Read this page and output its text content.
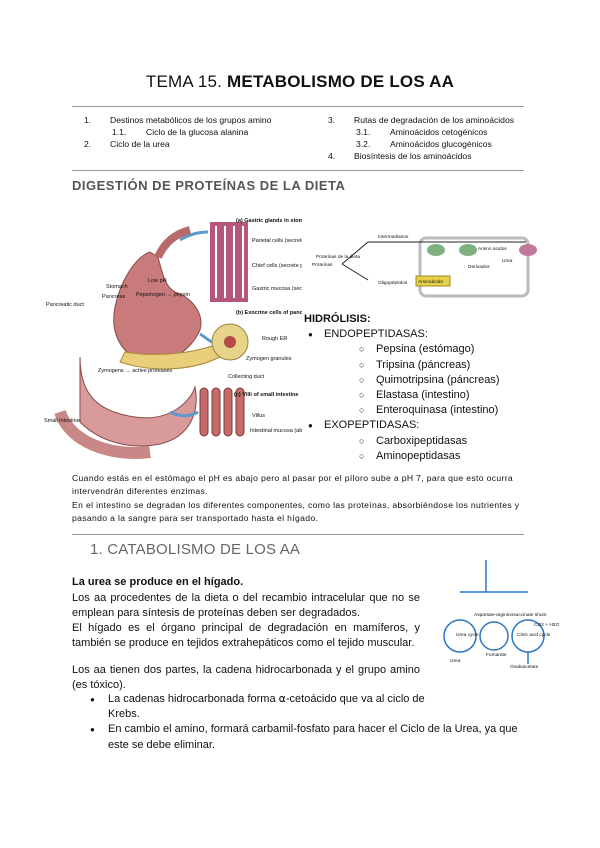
TEMA 15. METABOLISMO DE LOS AA
1.	Destinos metabólicos de los grupos amino
1.1.	Ciclo de la glucosa alanina
2.	Ciclo de la urea
3.	Rutas de degradación de los aminoácidos
3.1.	Aminoácidos cetogénicos
3.2.	Aminoácidos glucogénicos
4.	Biosíntesis de los aminoácidos
DIGESTIÓN DE PROTEÍNAS DE LA DIETA
(a) Gastric glands in stom
Parietal cells (secret
Chief cells (secrete
Gastric mucosa (sec
Low pH
Pepsinogen → pepsin
Stomach
Pancreas
Pancreatic duct
(b) Exocrine cells of panc
Rough ER
Zymogen granules
Collecting duct
Zymogens → active proteases
(c) Villi of small intestine
Villus
Intestinal mucosa (ab
Small intestine
Proteínas de la dieta
Proteínas
Intermediarios
Amino ácidos
Oligopéptidos Aminoácido
Derivados
Urea
HIDRÓLISIS:
● ENDOPEPTIDASAS:
○ Pepsina (estómago)
○ Tripsina (páncreas)
○ Quimotripsina (páncreas)
○ Elastasa (intestino)
○ Enteroquinasa (intestino)
● EXOPEPTIDASAS:
○ Carboxipeptidasas
○ Aminopeptidasas
Cuando estás en el estómago el pH es abajo pero al pasar por el píloro sube a pH 7, para que esto ocurra intervendrán diferentes enzimas.
En el intestino se degradan los diferentes componentes, como las proteínas, absorbiéndose los nutrientes y pasando a la sangre para ser transportado hasta el hígado.
1. CATABOLISMO DE LOS AA
La urea se produce en el hígado.
Los aa procedentes de la dieta o del recambio intracelular que no se emplean para síntesis de proteínas deben ser degradados.
El hígado es el órgano principal de degradación en mamíferos, y también se produce en tejidos extrahepáticos como el tejido muscular.
Los aa tienen dos partes, la cadena hidrocarbonada y el grupo amino (es tóxico).
● La cadenas hidrocarbonada forma ⍺-cetoácido que va al ciclo de Krebs.
● En cambio el amino, formará carbamil-fosfato para hacer el Ciclo de la Urea, ya que este se debe eliminar.
Urea cycle	Citric acid cycle
Aspartate-argininosuccinate shunt
Fumarate
Urea
Oxaloacetate
CO2 + H2O
